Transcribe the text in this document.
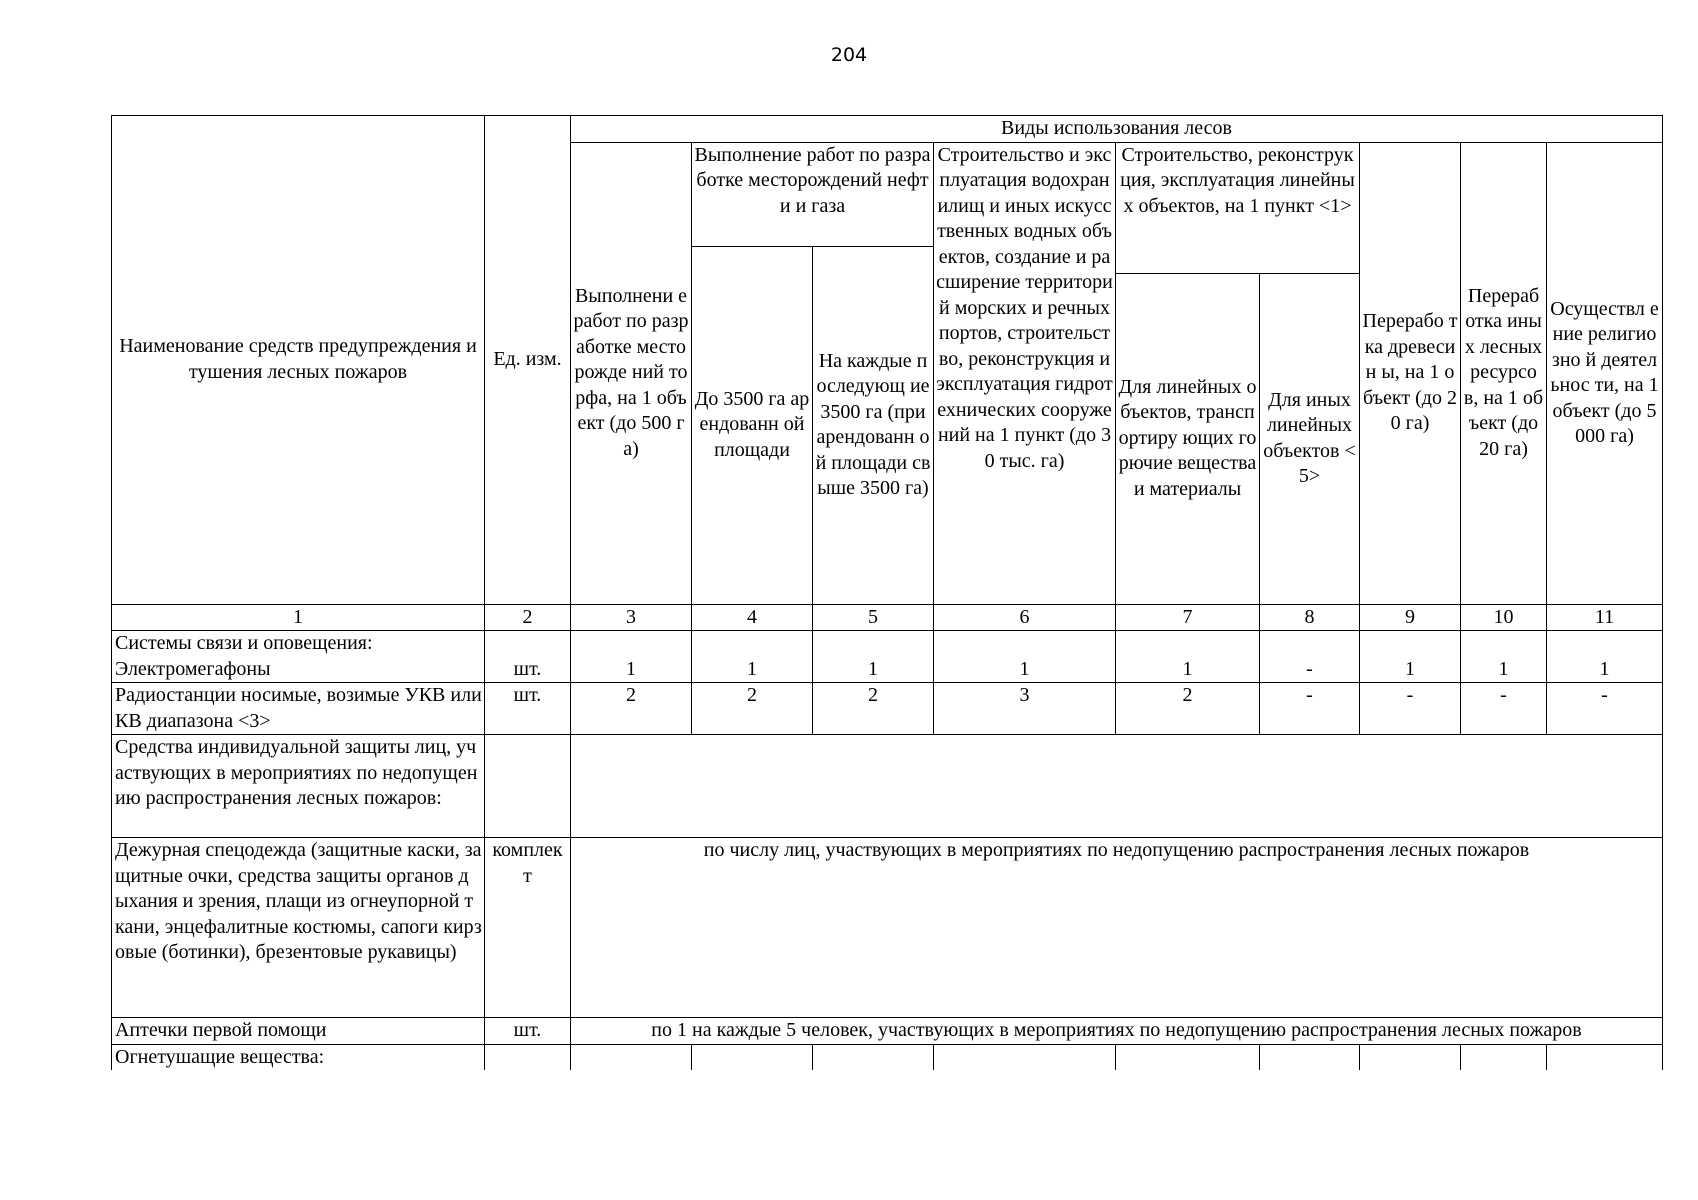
204
Наименование средств предупреждения и тушения лесных пожаров	Ед. изм.	Виды использования лесов								
		Выполнени е работ по разработке месторожде ний торфа, на 1 объект (до 500 га)	Выполнение работ по разработке месторождений нефти и газа		Строительство и эксплуатация водохранилищ и иных искусственных водных объектов, создание и расширение территорий морских и речных портов, строительство, реконструкция и эксплуатация гидротехнических сооружений на 1 пункт (до 30 тыс. га)	Строительство, реконструкция, эксплуатация линейных объектов, на 1 пункт <1>		Перерабо тка древесин ы, на 1 объект (до 20 га)	Перераб отка иных лесных ресурсо в, на 1 объект (до 20 га)	Осуществл ение религиозно й деятельнос ти, на 1 объект (до 5000 га)
			До 3500 га арендованн ой площади	На каждые последующ ие 3500 га (при арендованн ой площади свыше 3500 га)						
						Для линейных объектов, транспортиру ющих горючие вещества и материалы	Для иных линейных объектов <5>			
1	2	3	4	5	6	7	8	9	10	11

Системы связи и оповещения:
Электромегафоны	шт.	1	1	1	1	1	-	1	1	1
Радиостанции носимые, возимые УКВ или КВ диапазона <3>	шт.	2	2	2	3	2	-	-	-	-
Средства индивидуальной защиты лиц, участвующих в мероприятиях по недопущению распространения лесных пожаров:										
Дежурная спецодежда (защитные каски, защитные очки, средства защиты органов дыхания и зрения, плащи из огнеупорной ткани, энцефалитные костюмы, сапоги кирзовые (ботинки), брезентовые рукавицы)	комплек т	по числу лиц, участвующих в мероприятиях по недопущению распространения лесных пожаров								
Аптечки первой помощи	шт.	по 1 на каждые 5 человек, участвующих в мероприятиях по недопущению распространения лесных пожаров								
Огнетушащие вещества:										
